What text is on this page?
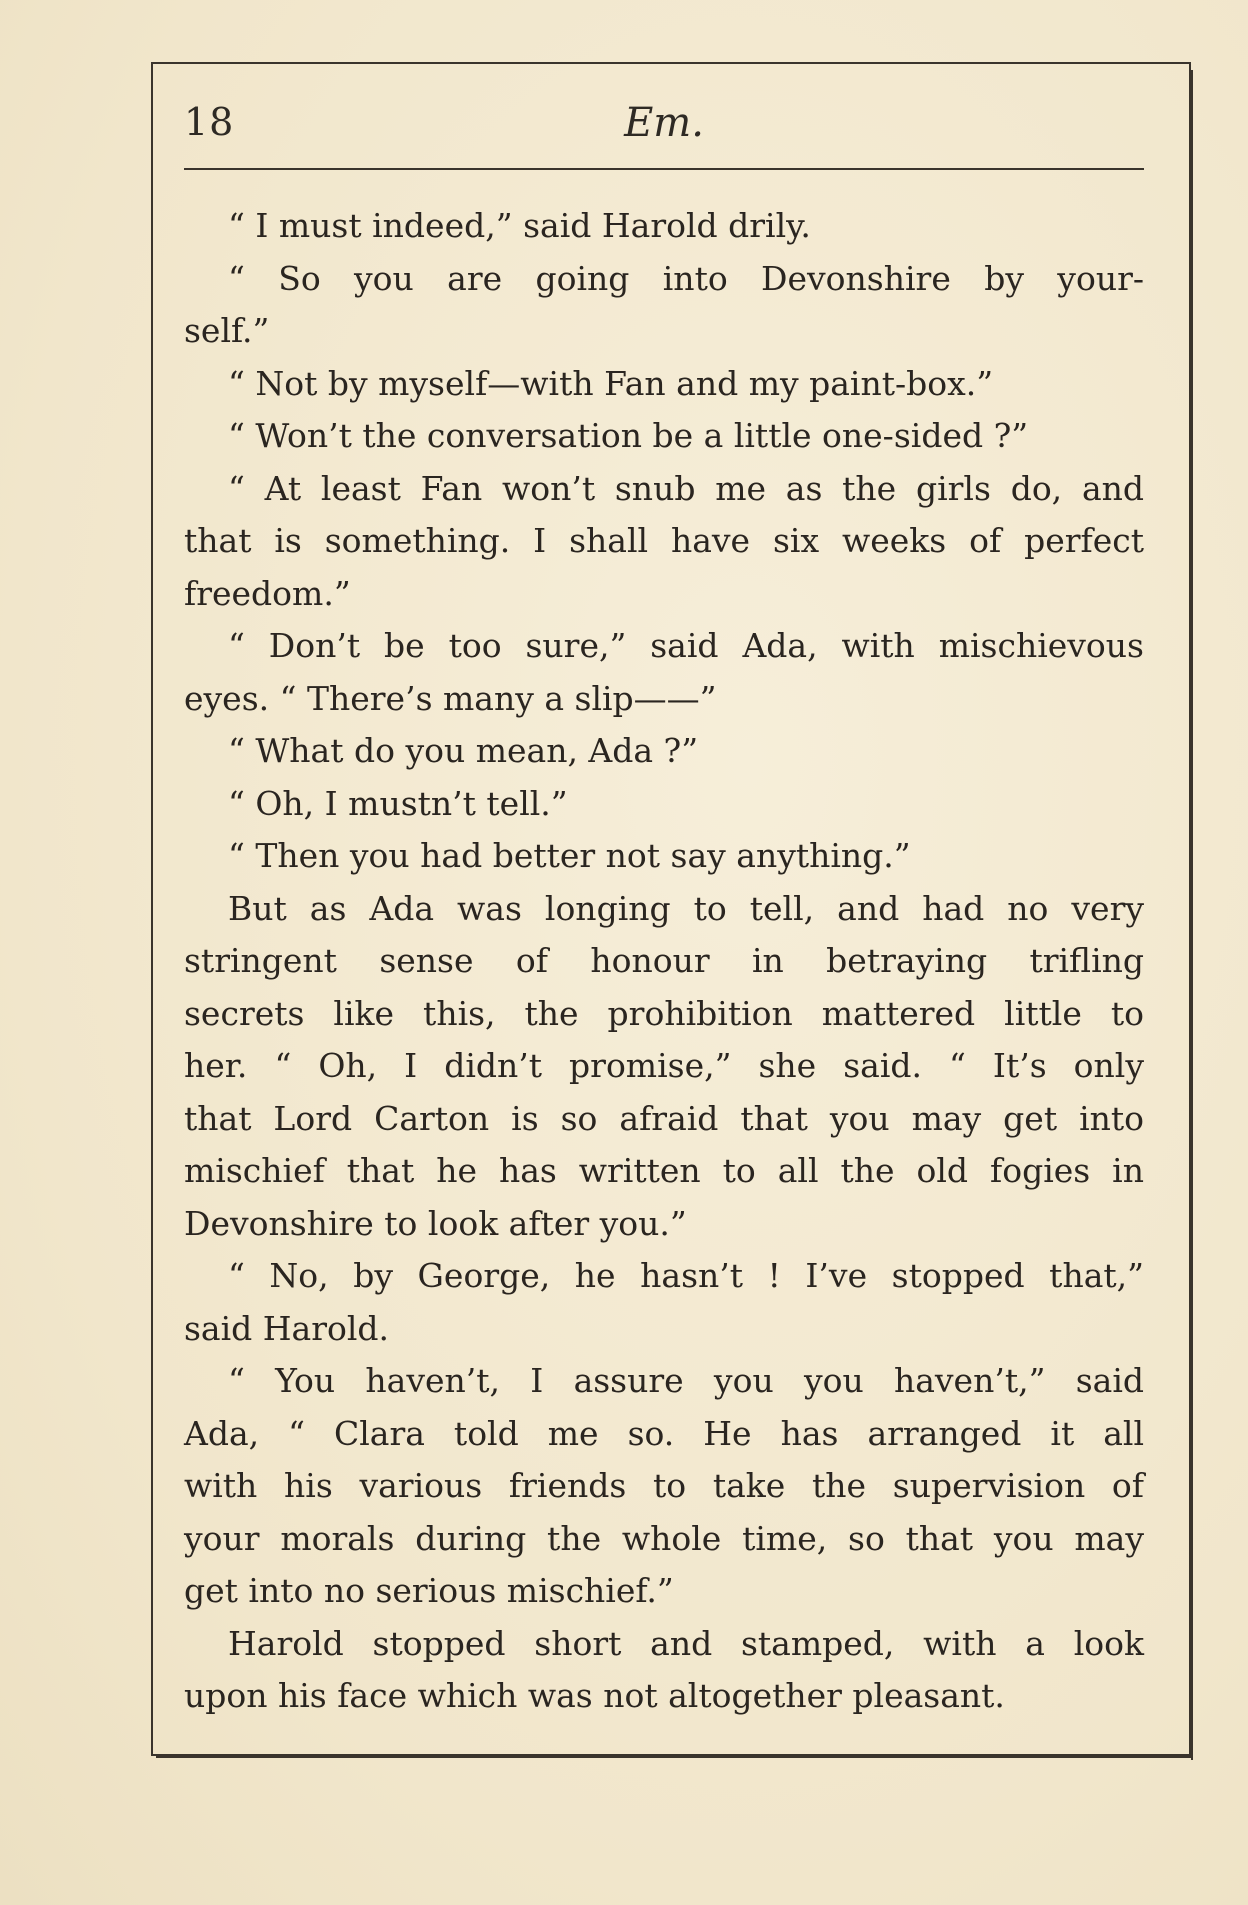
18	Em.
“ I must indeed,” said Harold drily.
“ So you are going into Devonshire by your-
self.”
“ Not by myself—with Fan and my paint-box.”
“ Won’t the conversation be a little one-sided ?”
“ At least Fan won’t snub me as the girls do, and
that is something. I shall have six weeks of perfect
freedom.”
“ Don’t be too sure,” said Ada, with mischievous
eyes. “ There’s many a slip——”
“ What do you mean, Ada ?”
“ Oh, I mustn’t tell.”
“ Then you had better not say anything.”
But as Ada was longing to tell, and had no very
stringent sense of honour in betraying trifling
secrets like this, the prohibition mattered little to
her. “ Oh, I didn’t promise,” she said. “ It’s only
that Lord Carton is so afraid that you may get into
mischief that he has written to all the old fogies in
Devonshire to look after you.”
“ No, by George, he hasn’t ! I’ve stopped that,”
said Harold.
“ You haven’t, I assure you you haven’t,” said
Ada, “ Clara told me so. He has arranged it all
with his various friends to take the supervision of
your morals during the whole time, so that you may
get into no serious mischief.”
Harold stopped short and stamped, with a look
upon his face which was not altogether pleasant.
